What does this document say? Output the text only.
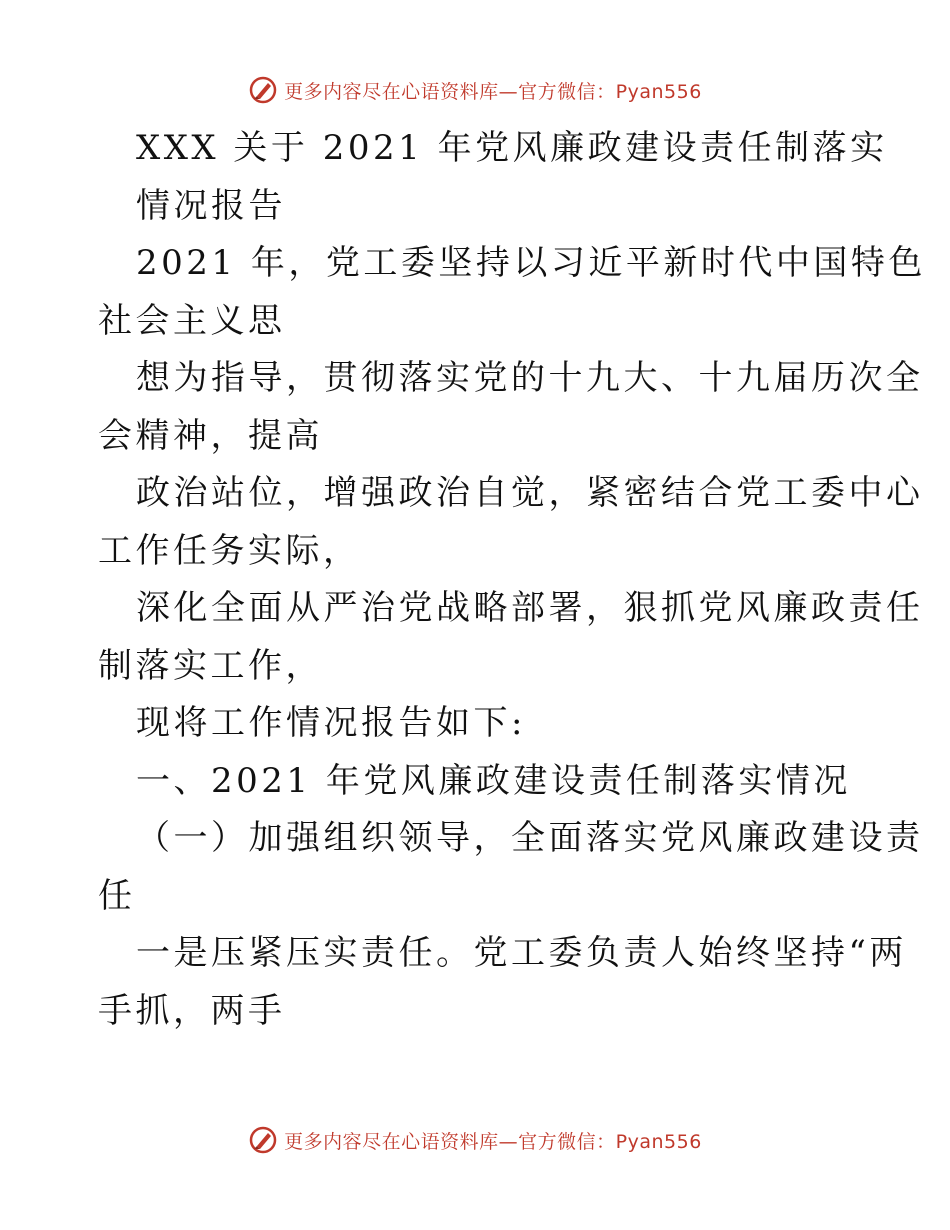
更多内容尽在心语资料库—官方微信：Pyan556
XXX 关于 2021 年党风廉政建设责任制落实
情况报告
2021 年，党工委坚持以习近平新时代中国特色
社会主义思
想为指导，贯彻落实党的十九大、十九届历次全
会精神，提高
政治站位，增强政治自觉，紧密结合党工委中心
工作任务实际，
深化全面从严治党战略部署，狠抓党风廉政责任
制落实工作，
现将工作情况报告如下:
一、2021 年党风廉政建设责任制落实情况
（一）加强组织领导，全面落实党风廉政建设责
任
一是压紧压实责任。党工委负责人始终坚持“两
手抓，两手
更多内容尽在心语资料库—官方微信：Pyan556
